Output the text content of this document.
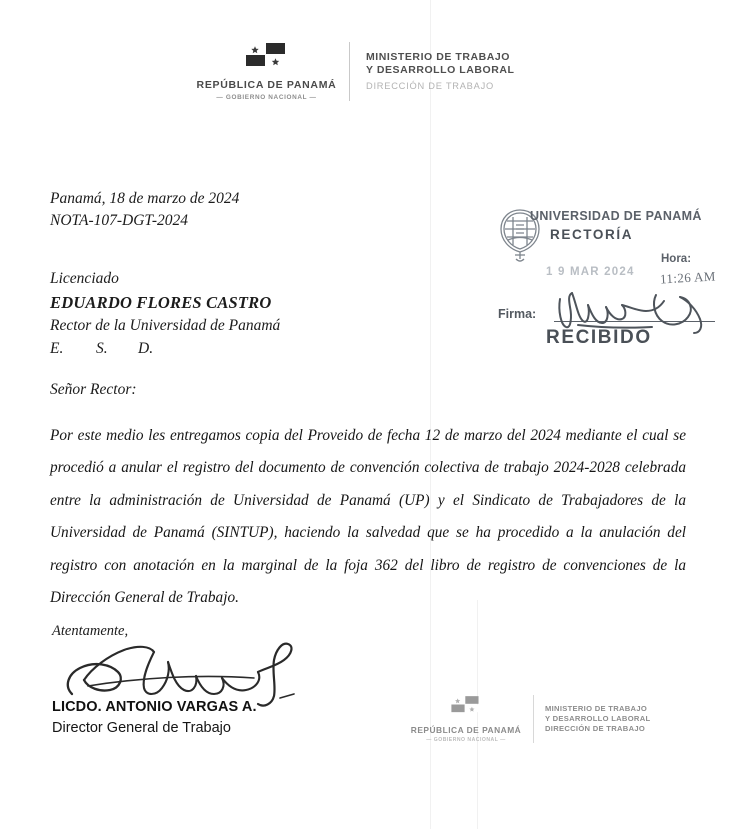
REPÚBLICA DE PANAMÁ
— GOBIERNO NACIONAL —
MINISTERIO DE TRABAJO
Y DESARROLLO LABORAL
DIRECCIÓN DE TRABAJO
Panamá, 18 de marzo de 2024
NOTA-107-DGT-2024
Licenciado
EDUARDO FLORES CASTRO
Rector de la Universidad de Panamá
E. S. D.
UNIVERSIDAD DE PANAMÁ
RECTORÍA
Hora:
11:26 AM
1 9 MAR 2024
Firma:
RECIBIDO
Señor Rector:
Por este medio les entregamos copia del Proveido de fecha 12 de marzo del 2024 mediante el cual se procedió a anular el registro del documento de convención colectiva de trabajo 2024-2028 celebrada entre la administración de Universidad de Panamá (UP) y el Sindicato de Trabajadores de la Universidad de Panamá (SINTUP), haciendo la salvedad que se ha procedido a la anulación del registro con anotación en la marginal de la foja 362 del libro de registro de convenciones de la Dirección General de Trabajo.
Atentamente,
LICDO. ANTONIO VARGAS A.
Director General de Trabajo	REPÚBLICA DE PANAMÁ
— GOBIERNO NACIONAL —
MINISTERIO DE TRABAJO
Y DESARROLLO LABORAL
DIRECCIÓN DE TRABAJO
